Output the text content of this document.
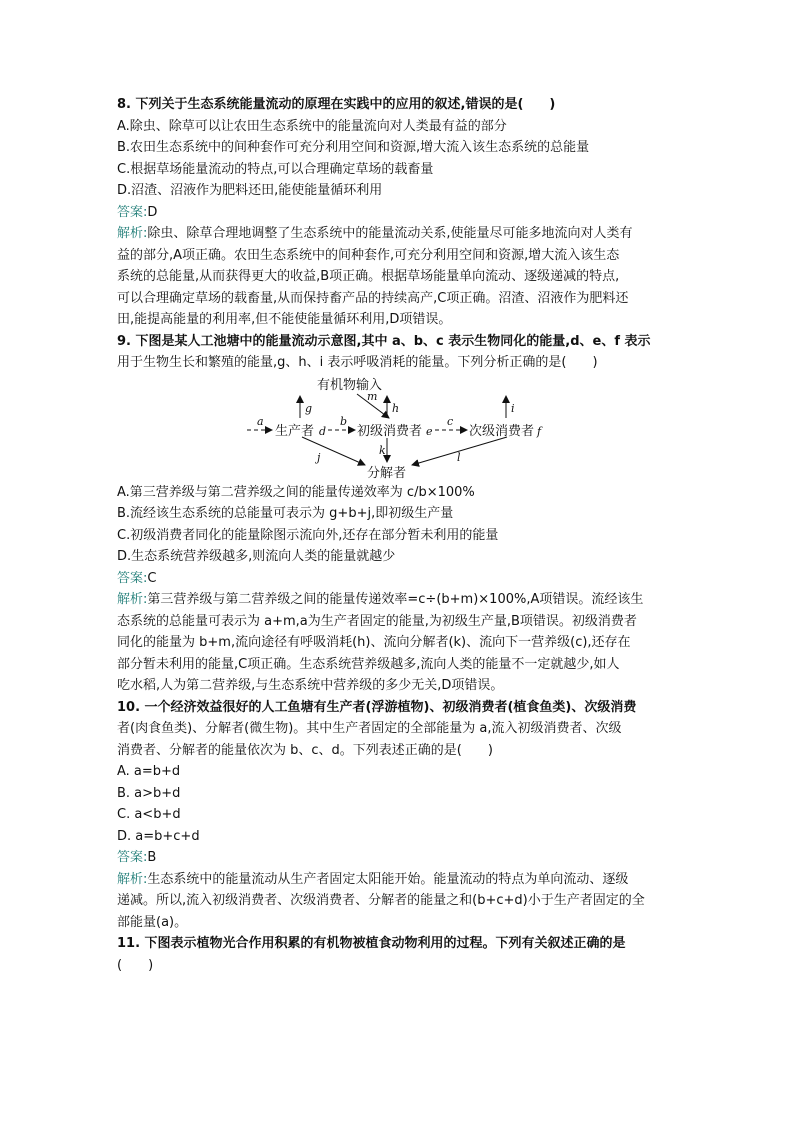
8. 下列关于生态系统能量流动的原理在实践中的应用的叙述,错误的是(　　)
A.除虫、除草可以让农田生态系统中的能量流向对人类最有益的部分
B.农田生态系统中的间种套作可充分利用空间和资源,增大流入该生态系统的总能量
C.根据草场能量流动的特点,可以合理确定草场的载畜量
D.沼渣、沼液作为肥料还田,能使能量循环利用
答案:D
解析:除虫、除草合理地调整了生态系统中的能量流动关系,使能量尽可能多地流向对人类有
益的部分,A项正确。农田生态系统中的间种套作,可充分利用空间和资源,增大流入该生态
系统的总能量,从而获得更大的收益,B项正确。根据草场能量单向流动、逐级递减的特点,
可以合理确定草场的载畜量,从而保持畜产品的持续高产,C项正确。沼渣、沼液作为肥料还
田,能提高能量的利用率,但不能使能量循环利用,D项错误。
9. 下图是某人工池塘中的能量流动示意图,其中 a、b、c 表示生物同化的能量,d、e、f 表示
用于生物生长和繁殖的能量,g、h、i 表示呼吸消耗的能量。下列分析正确的是(　　)
有机物输入
生产者 d 初级消费者 e	次级消费者 f
分解者
a	b	c
g
m
h	i
j
k
l
A.第三营养级与第二营养级之间的能量传递效率为 c/b×100%
B.流经该生态系统的总能量可表示为 g+b+j,即初级生产量
C.初级消费者同化的能量除图示流向外,还存在部分暂未利用的能量
D.生态系统营养级越多,则流向人类的能量就越少
答案:C
解析:第三营养级与第二营养级之间的能量传递效率=c÷(b+m)×100%,A项错误。流经该生
态系统的总能量可表示为 a+m,a为生产者固定的能量,为初级生产量,B项错误。初级消费者
同化的能量为 b+m,流向途径有呼吸消耗(h)、流向分解者(k)、流向下一营养级(c),还存在
部分暂未利用的能量,C项正确。生态系统营养级越多,流向人类的能量不一定就越少,如人
吃水稻,人为第二营养级,与生态系统中营养级的多少无关,D项错误。
10. 一个经济效益很好的人工鱼塘有生产者(浮游植物)、初级消费者(植食鱼类)、次级消费
者(肉食鱼类)、分解者(微生物)。其中生产者固定的全部能量为 a,流入初级消费者、次级
消费者、分解者的能量依次为 b、c、d。下列表述正确的是(　　)
A. a=b+d
B. a>b+d
C. a<b+d
D. a=b+c+d
答案:B
解析:生态系统中的能量流动从生产者固定太阳能开始。能量流动的特点为单向流动、逐级
递减。所以,流入初级消费者、次级消费者、分解者的能量之和(b+c+d)小于生产者固定的全
部能量(a)。
11. 下图表示植物光合作用积累的有机物被植食动物利用的过程。下列有关叙述正确的是
(　　)
